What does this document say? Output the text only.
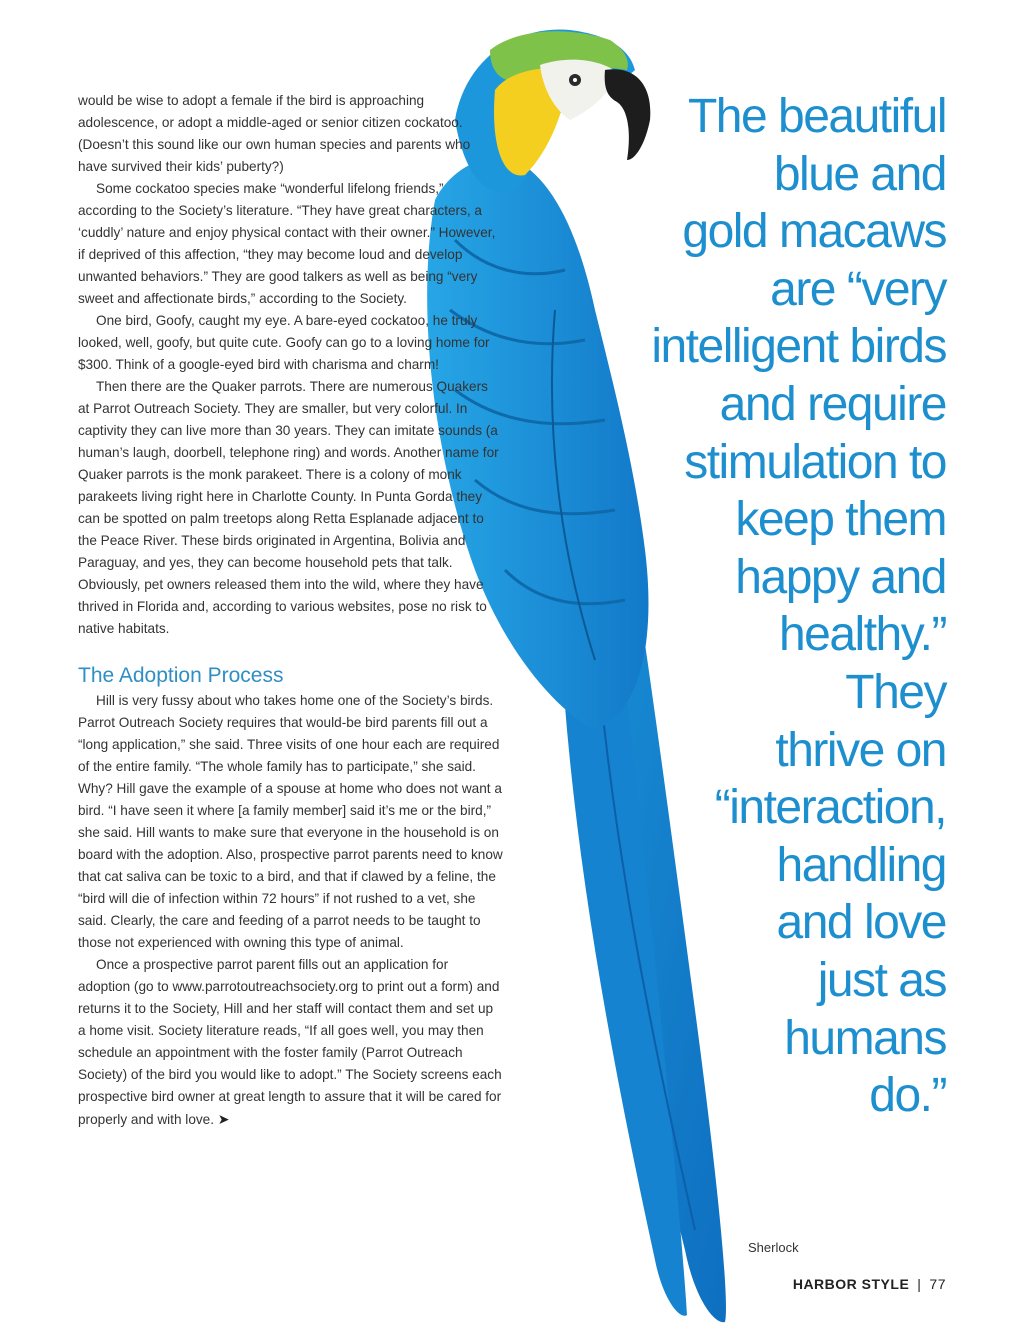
would be wise to adopt a female if the bird is approaching adolescence, or adopt a middle-aged or senior citizen cockatoo. (Doesn’t this sound like our own human species and parents who have survived their kids’ puberty?)

Some cockatoo species make “wonderful lifelong friends,” according to the Society’s literature. “They have great characters, a ‘cuddly’ nature and enjoy physical contact with their owner.” However, if deprived of this affection, “they may become loud and develop unwanted behaviors.” They are good talkers as well as being “very sweet and affectionate birds,” according to the Society.

One bird, Goofy, caught my eye. A bare-eyed cockatoo, he truly looked, well, goofy, but quite cute. Goofy can go to a loving home for $300. Think of a google-eyed bird with charisma and charm!

Then there are the Quaker parrots. There are numerous Quakers at Parrot Outreach Society. They are smaller, but very colorful. In captivity they can live more than 30 years. They can imitate sounds (a human’s laugh, doorbell, telephone ring) and words. Another name for Quaker parrots is the monk parakeet. There is a colony of monk parakeets living right here in Charlotte County. In Punta Gorda they can be spotted on palm treetops along Retta Esplanade adjacent to the Peace River. These birds originated in Argentina, Bolivia and Paraguay, and yes, they can become household pets that talk. Obviously, pet owners released them into the wild, where they have thrived in Florida and, according to various websites, pose no risk to native habitats.

The Adoption Process

Hill is very fussy about who takes home one of the Society’s birds. Parrot Outreach Society requires that would-be bird parents fill out a “long application,” she said. Three visits of one hour each are required of the entire family. “The whole family has to participate,” she said. Why? Hill gave the example of a spouse at home who does not want a bird. “I have seen it where [a family member] said it’s me or the bird,” she said. Hill wants to make sure that everyone in the household is on board with the adoption. Also, prospective parrot parents need to know that cat saliva can be toxic to a bird, and that if clawed by a feline, the “bird will die of infection within 72 hours” if not rushed to a vet, she said. Clearly, the care and feeding of a parrot needs to be taught to those not experienced with owning this type of animal.

Once a prospective parrot parent fills out an application for adoption (go to www.parrotoutreachsociety.org to print out a form) and returns it to the Society, Hill and her staff will contact them and set up a home visit. Society literature reads, “If all goes well, you may then schedule an appointment with the foster family (Parrot Outreach Society) of the bird you would like to adopt.” The Society screens each prospective bird owner at great length to assure that it will be cared for properly and with love. ➤

The beautiful
blue and
gold macaws
are “very
intelligent birds
and require
stimulation to
keep them
happy and
healthy.”
They
thrive on
“interaction,
handling
and love
just as
humans
do.”
Sherlock
HARBOR STYLE | 77
